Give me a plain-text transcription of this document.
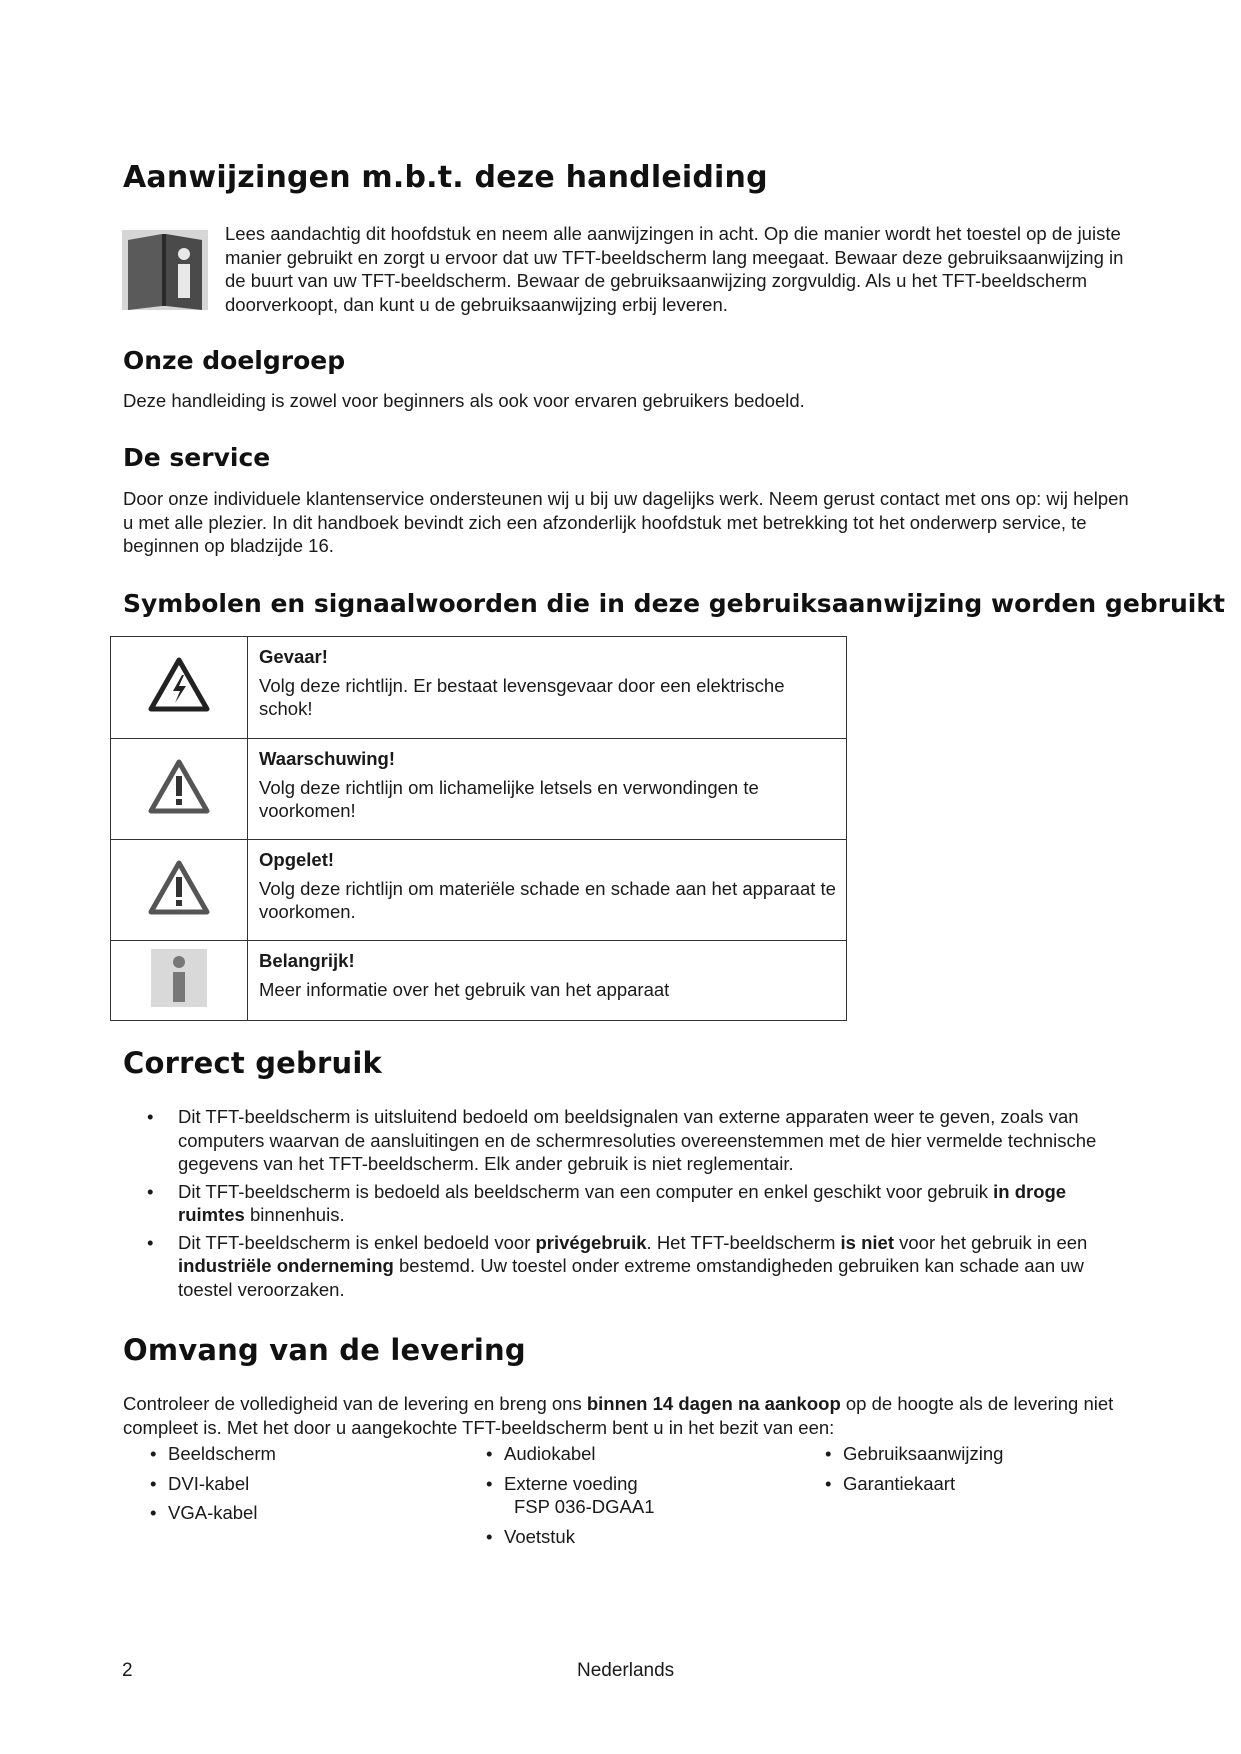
Aanwijzingen m.b.t. deze handleiding
Lees aandachtig dit hoofdstuk en neem alle aanwijzingen in acht. Op die manier wordt het toestel op de juiste manier gebruikt en zorgt u ervoor dat uw TFT-beeldscherm lang meegaat. Bewaar deze gebruiksaanwijzing in de buurt van uw TFT-beeldscherm. Bewaar de gebruiksaanwijzing zorgvuldig. Als u het TFT-beeldscherm doorverkoopt, dan kunt u de gebruiksaanwijzing erbij leveren.
Onze doelgroep
Deze handleiding is zowel voor beginners als ook voor ervaren gebruikers bedoeld.
De service
Door onze individuele klantenservice ondersteunen wij u bij uw dagelijks werk. Neem gerust contact met ons op: wij helpen u met alle plezier. In dit handboek bevindt zich een afzonderlijk hoofdstuk met betrekking tot het onderwerp service, te beginnen op bladzijde 16.
Symbolen en signaalwoorden die in deze gebruiksaanwijzing worden gebruikt

Gevaar!
Volg deze richtlijn. Er bestaat levensgevaar door een elektrische schok!

Waarschuwing!
Volg deze richtlijn om lichamelijke letsels en verwondingen te voorkomen!

Opgelet!
Volg deze richtlijn om materiële schade en schade aan het apparaat te voorkomen.

Belangrijk!
Meer informatie over het gebruik van het apparaat
Correct gebruik
• Dit TFT-beeldscherm is uitsluitend bedoeld om beeldsignalen van externe apparaten weer te geven, zoals van computers waarvan de aansluitingen en de schermresoluties overeenstemmen met de hier vermelde technische gegevens van het TFT-beeldscherm. Elk ander gebruik is niet reglementair.
• Dit TFT-beeldscherm is bedoeld als beeldscherm van een computer en enkel geschikt voor gebruik in droge ruimtes binnenhuis.
• Dit TFT-beeldscherm is enkel bedoeld voor privégebruik. Het TFT-beeldscherm is niet voor het gebruik in een industriële onderneming bestemd. Uw toestel onder extreme omstandigheden gebruiken kan schade aan uw toestel veroorzaken.
Omvang van de levering
Controleer de volledigheid van de levering en breng ons binnen 14 dagen na aankoop op de hoogte als de levering niet compleet is. Met het door u aangekochte TFT-beeldscherm bent u in het bezit van een:
• Beeldscherm
• DVI-kabel
• VGA-kabel
• Audiokabel
• Externe voeding
FSP 036-DGAA1
• Voetstuk
• Gebruiksaanwijzing
• Garantiekaart
2	Nederlands
